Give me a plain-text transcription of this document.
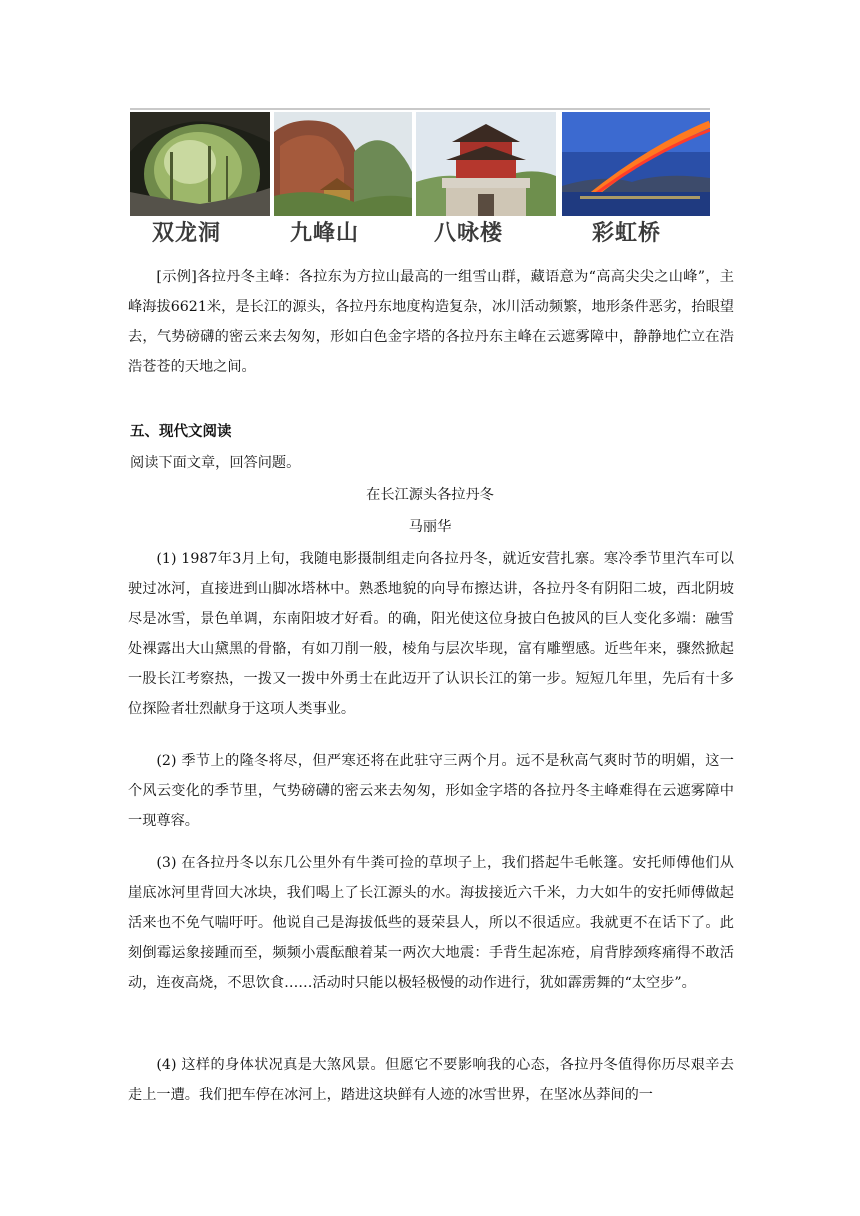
双龙洞	九峰山	八咏楼	彩虹桥

[示例]各拉丹冬主峰：各拉东为方拉山最高的一组雪山群，藏语意为“高高尖尖之山峰”，主峰海拔6621米，是长江的源头，各拉丹东地度构造复杂，冰川活动频繁，地形条件恶劣，抬眼望去，气势磅礴的密云来去匆匆，形如白色金字塔的各拉丹东主峰在云遮雾障中，静静地伫立在浩浩苍苍的天地之间。

五、现代文阅读

阅读下面文章，回答问题。

在长江源头各拉丹冬

马丽华

(1) 1987年3月上旬，我随电影摄制组走向各拉丹冬，就近安营扎寨。寒冷季节里汽车可以驶过冰河，直接进到山脚冰塔林中。熟悉地貌的向导布擦达讲，各拉丹冬有阴阳二坡，西北阴坡尽是冰雪，景色单调，东南阳坡才好看。的确，阳光使这位身披白色披风的巨人变化多端：融雪处裸露出大山黛黑的骨骼，有如刀削一般，棱角与层次毕现，富有雕塑感。近些年来，骤然掀起一股长江考察热，一拨又一拨中外勇士在此迈开了认识长江的第一步。短短几年里，先后有十多位探险者壮烈献身于这项人类事业。

(2) 季节上的隆冬将尽，但严寒还将在此驻守三两个月。远不是秋高气爽时节的明媚，这一个风云变化的季节里，气势磅礴的密云来去匆匆，形如金字塔的各拉丹冬主峰难得在云遮雾障中一现尊容。

(3) 在各拉丹冬以东几公里外有牛粪可捡的草坝子上，我们搭起牛毛帐篷。安托师傅他们从崖底冰河里背回大冰块，我们喝上了长江源头的水。海拔接近六千米，力大如牛的安托师傅做起活来也不免气喘吁吁。他说自己是海拔低些的聂荣县人，所以不很适应。我就更不在话下了。此刻倒霉运象接踵而至，频频小震酝酿着某一两次大地震：手背生起冻疮，肩背脖颈疼痛得不敢活动，连夜高烧，不思饮食……活动时只能以极轻极慢的动作进行，犹如霹雳舞的“太空步”。

(4) 这样的身体状况真是大煞风景。但愿它不要影响我的心态，各拉丹冬值得你历尽艰辛去走上一遭。我们把车停在冰河上，踏进这块鲜有人迹的冰雪世界，在坚冰丛莽间的一
